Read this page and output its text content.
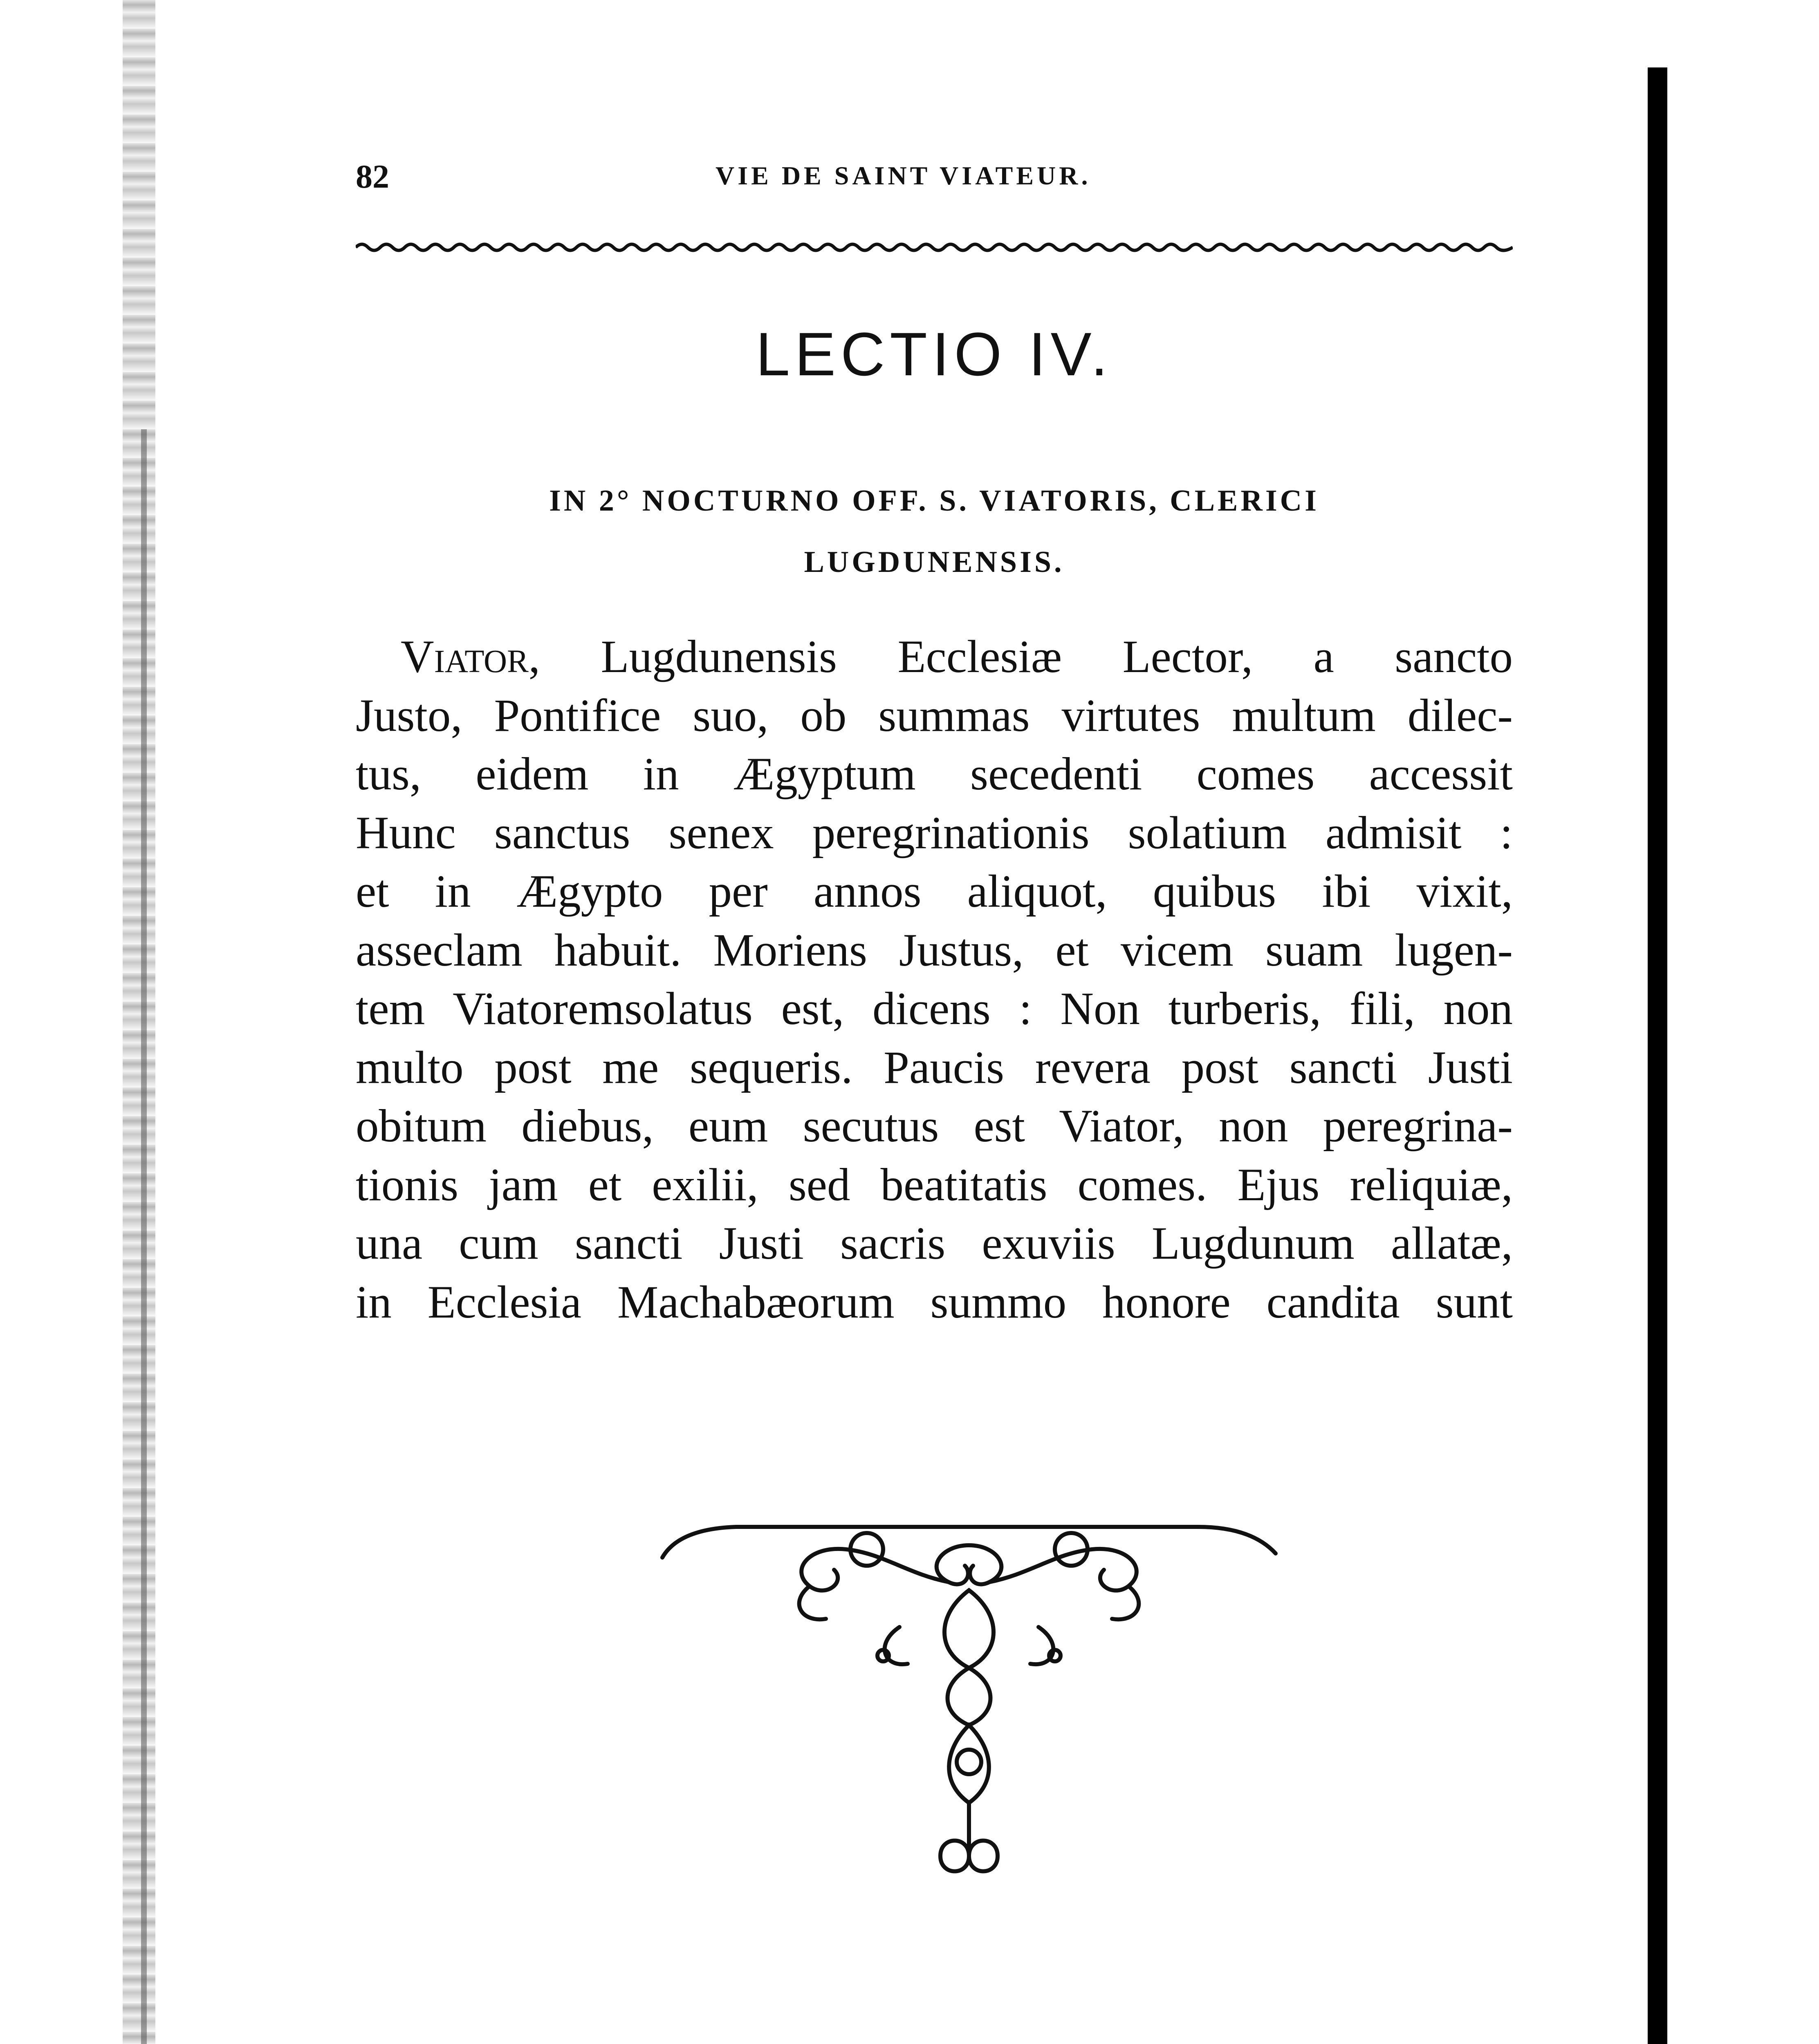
82	VIE DE SAINT VIATEUR.
LECTIO IV.
IN 2° NOCTURNO OFF. S. VIATORIS, CLERICI
LUGDUNENSIS.
Viator, Lugdunensis Ecclesiæ Lector, a sancto
Justo, Pontifice suo, ob summas virtutes multum dilec-
tus, eidem in Ægyptum secedenti comes accessit
Hunc sanctus senex peregrinationis solatium admisit :
et in Ægypto per annos aliquot, quibus ibi vixit,
asseclam habuit. Moriens Justus, et vicem suam lugen-
tem Viatoremsolatus est, dicens : Non turberis, fili, non
multo post me sequeris. Paucis revera post sancti Justi
obitum diebus, eum secutus est Viator, non peregrina-
tionis jam et exilii, sed beatitatis comes. Ejus reliquiæ,
una cum sancti Justi sacris exuviis Lugdunum allatæ,
in Ecclesia Machabæorum summo honore candita sunt
